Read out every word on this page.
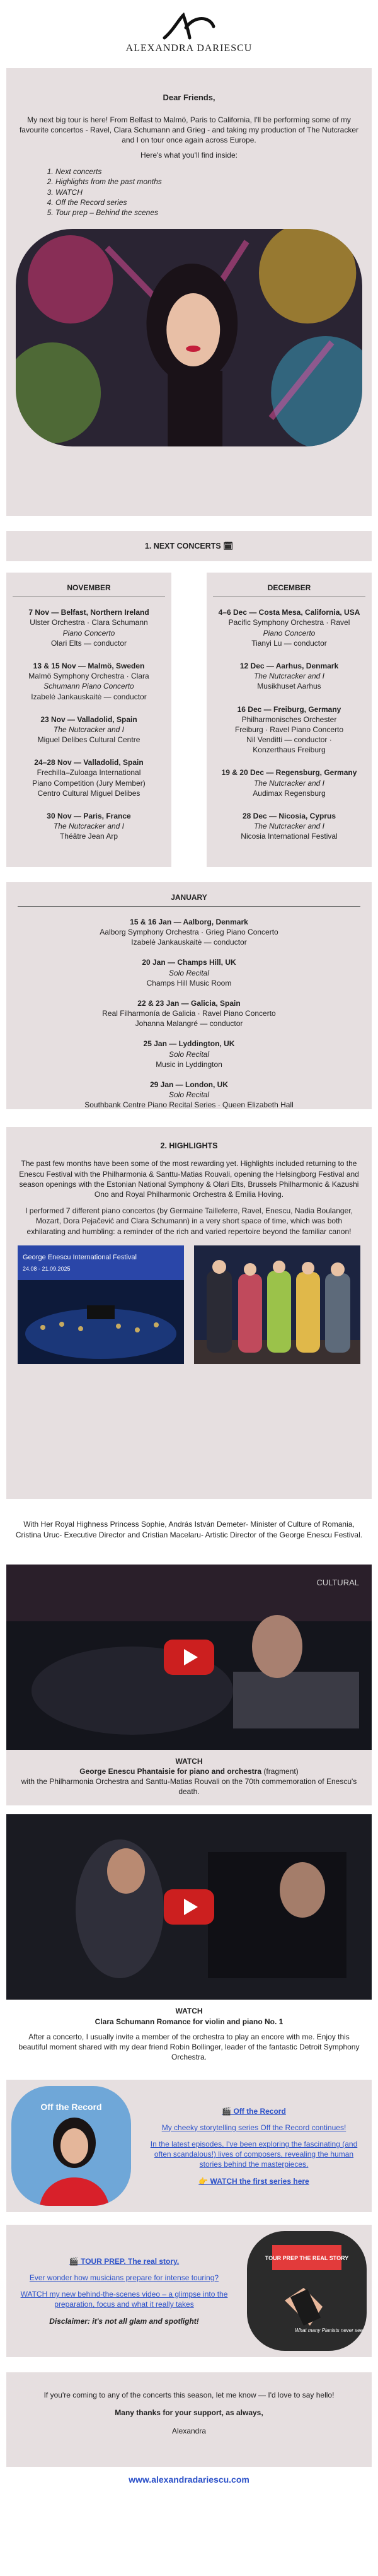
ALEXANDRA DARIESCU
Dear Friends,

My next big tour is here! From Belfast to Malmö, Paris to California, I'll be performing some of my favourite concertos - Ravel, Clara Schumann and Grieg - and taking my production of The Nutcracker and I on tour once again across Europe.

Here's what you'll find inside:

1. Next concerts
2. Highlights from the past months
3. WATCH
4. Off the Record series
5. Tour prep – Behind the scenes
1. NEXT CONCERTS 🗓
NOVEMBER
7 Nov — Belfast, Northern Ireland
Ulster Orchestra · Clara Schumann
Piano Concerto
Olari Elts — conductor
13 & 15 Nov — Malmö, Sweden
Malmö Symphony Orchestra · Clara
Schumann Piano Concerto
Izabelė Jankauskaitė — conductor
23 Nov — Valladolid, Spain
The Nutcracker and I
Miguel Delibes Cultural Centre
24–28 Nov — Valladolid, Spain
Frechilla–Zuloaga International
Piano Competition (Jury Member)
Centro Cultural Miguel Delibes
30 Nov — Paris, France
The Nutcracker and I
Théâtre Jean Arp
DECEMBER
4–6 Dec — Costa Mesa, California, USA
Pacific Symphony Orchestra · Ravel
Piano Concerto
Tianyi Lu — conductor
12 Dec — Aarhus, Denmark
The Nutcracker and I
Musikhuset Aarhus
16 Dec — Freiburg, Germany
Philharmonisches Orchester
Freiburg · Ravel Piano Concerto
Nil Venditti — conductor ·
Konzerthaus Freiburg
19 & 20 Dec — Regensburg, Germany
The Nutcracker and I
Audimax Regensburg
28 Dec — Nicosia, Cyprus
The Nutcracker and I
Nicosia International Festival
JANUARY
15 & 16 Jan — Aalborg, Denmark
Aalborg Symphony Orchestra · Grieg Piano Concerto
Izabelė Jankauskaitė — conductor
20 Jan — Champs Hill, UK
Solo Recital
Champs Hill Music Room
22 & 23 Jan — Galicia, Spain
Real Filharmonía de Galicia · Ravel Piano Concerto
Johanna Malangré — conductor
25 Jan — Lyddington, UK
Solo Recital
Music in Lyddington
29 Jan — London, UK
Solo Recital
Southbank Centre Piano Recital Series · Queen Elizabeth Hall
2. HIGHLIGHTS

The past few months have been some of the most rewarding yet. Highlights included returning to the Enescu Festival with the Philharmonia & Santtu-Matias Rouvali, opening the Helsingborg Festival and season openings with the Estonian National Symphony & Olari Elts, Brussels Philharmonic & Kazushi Ono and Royal Philharmonic Orchestra & Emilia Hoving.

I performed 7 different piano concertos (by Germaine Tailleferre, Ravel, Enescu, Nadia Boulanger, Mozart, Dora Pejačević and Clara Schumann) in a very short space of time, which was both exhilarating and humbling: a reminder of the rich and varied repertoire beyond the familiar canon!

George Enescu International Festival
24.08 - 21.09.2025
With Her Royal Highness Princess Sophie, András István Demeter- Minister of Culture of Romania, Cristina Uruc- Executive Director and Cristian Macelaru- Artistic Director of the George Enescu Festival.
CULTURAL
WATCH
George Enescu Phantaisie for piano and orchestra (fragment)
with the Philharmonia Orchestra and Santtu-Matias Rouvali on the 70th commemoration of Enescu's death.
WATCH
Clara Schumann Romance for violin and piano No. 1
After a concerto, I usually invite a member of the orchestra to play an encore with me. Enjoy this beautiful moment shared with my dear friend Robin Bollinger, leader of the fantastic Detroit Symphony Orchestra.
Off the Record	🎬 Off the Record
My cheeky storytelling series Off the Record continues!
In the latest episodes, I've been exploring the fascinating (and often scandalous!) lives of composers, revealing the human stories behind the masterpieces.
👉 WATCH the first series here
🎬 TOUR PREP. The real story.
Ever wonder how musicians prepare for intense touring?
WATCH my new behind-the-scenes video – a glimpse into the preparation, focus and what it really takes
Disclaimer: it's not all glam and spotlight!
TOUR PREP THE REAL STORY
What many Pianists never see

If you're coming to any of the concerts this season, let me know — I'd love to say hello!

Many thanks for your support, as always,

Alexandra

www.alexandradariescu.com
